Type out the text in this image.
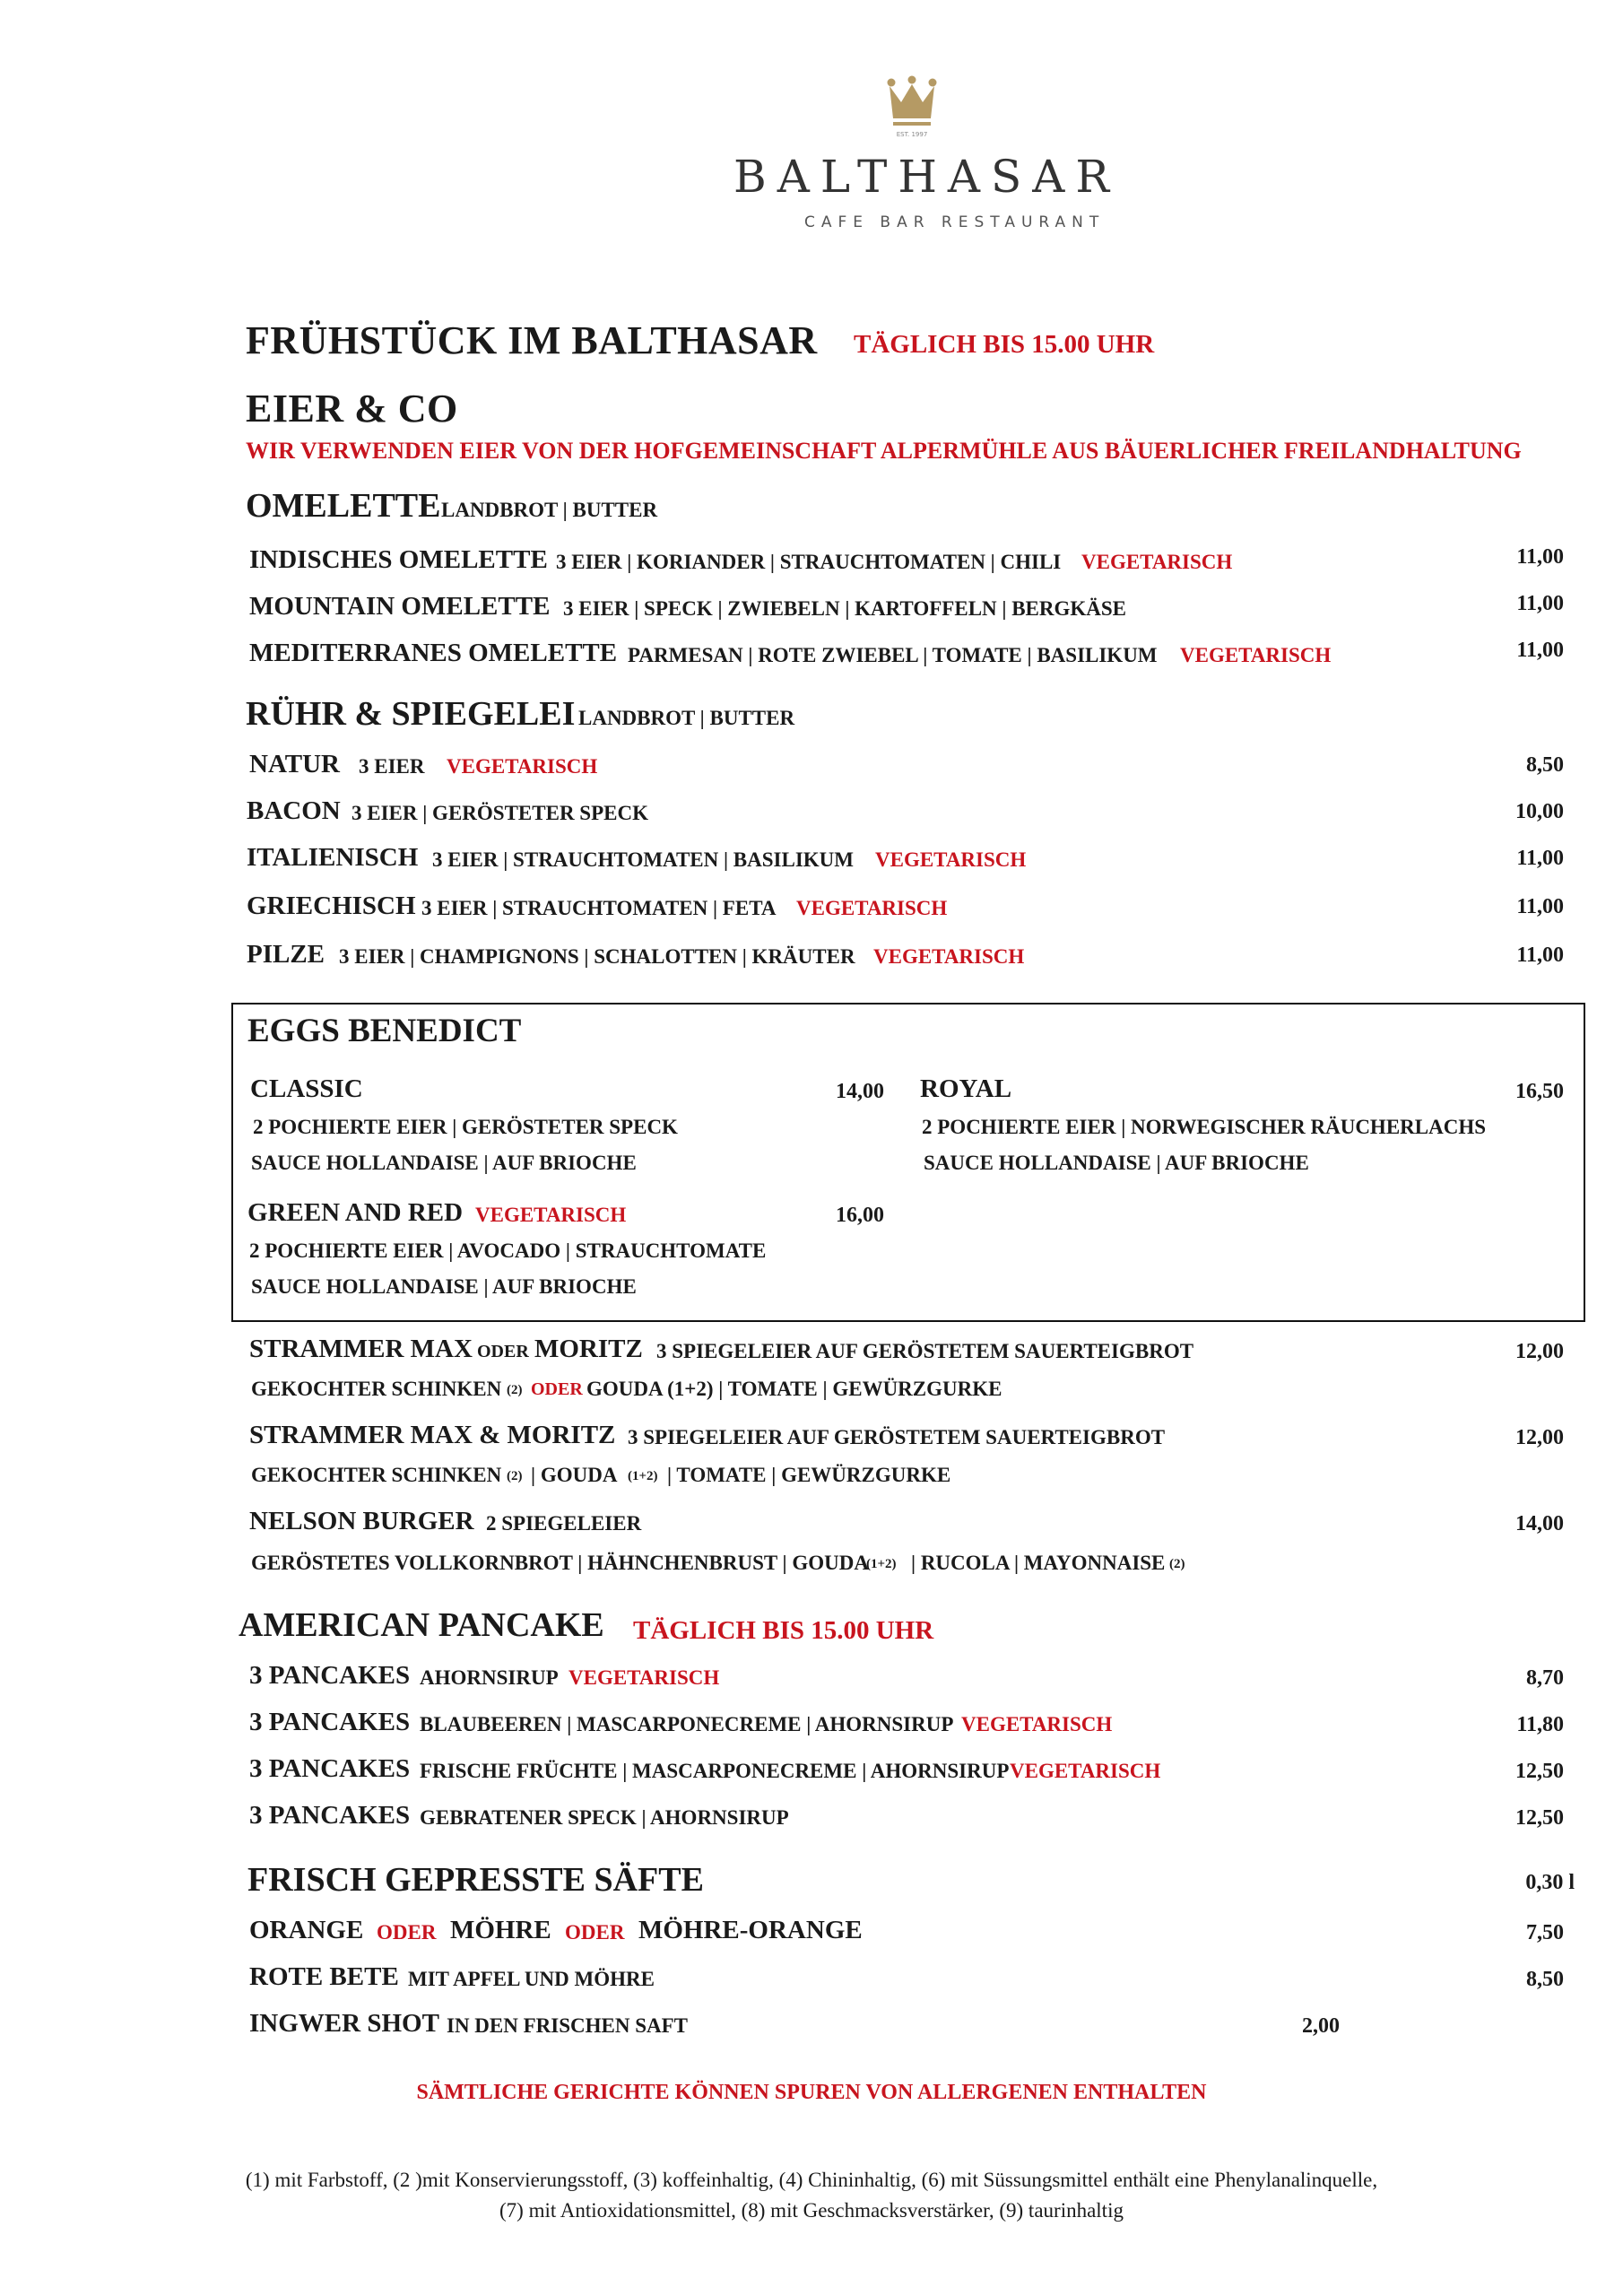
EST. 1997
BALTHASAR
CAFE BAR RESTAURANT
FRÜHSTÜCK IM BALTHASAR TÄGLICH BIS 15.00 UHR
EIER & CO
WIR VERWENDEN EIER VON DER HOFGEMEINSCHAFT ALPERMÜHLE AUS BÄUERLICHER FREILANDHALTUNG
OMELETTE LANDBROT | BUTTER
INDISCHES OMELETTE 3 EIER | KORIANDER | STRAUCHTOMATEN | CHILI VEGETARISCH	11,00
MOUNTAIN OMELETTE 3 EIER | SPECK | ZWIEBELN | KARTOFFELN | BERGKÄSE	11,00
MEDITERRANES OMELETTE PARMESAN | ROTE ZWIEBEL | TOMATE | BASILIKUM VEGETARISCH	11,00
RÜHR & SPIEGELEI LANDBROT | BUTTER
NATUR 3 EIER VEGETARISCH	8,50
BACON 3 EIER | GERÖSTETER SPECK	10,00
ITALIENISCH 3 EIER | STRAUCHTOMATEN | BASILIKUM VEGETARISCH	11,00
GRIECHISCH 3 EIER | STRAUCHTOMATEN | FETA VEGETARISCH	11,00
PILZE 3 EIER | CHAMPIGNONS | SCHALOTTEN | KRÄUTER VEGETARISCH	11,00
EGGS BENEDICT
CLASSIC	14,00
2 POCHIERTE EIER | GERÖSTETER SPECK
SAUCE HOLLANDAISE | AUF BRIOCHE
ROYAL	16,50
2 POCHIERTE EIER | NORWEGISCHER RÄUCHERLACHS
SAUCE HOLLANDAISE | AUF BRIOCHE
GREEN AND RED VEGETARISCH	16,00
2 POCHIERTE EIER | AVOCADO | STRAUCHTOMATE
SAUCE HOLLANDAISE | AUF BRIOCHE
STRAMMER MAX ODER MORITZ 3 SPIEGELEIER AUF GERÖSTETEM SAUERTEIGBROT	12,00
GEKOCHTER SCHINKEN (2) ODER GOUDA (1+2) | TOMATE | GEWÜRZGURKE
STRAMMER MAX & MORITZ 3 SPIEGELEIER AUF GERÖSTETEM SAUERTEIGBROT	12,00
GEKOCHTER SCHINKEN (2) | GOUDA (1+2) | TOMATE | GEWÜRZGURKE
NELSON BURGER 2 SPIEGELEIER	14,00
GERÖSTETES VOLLKORNBROT | HÄHNCHENBRUST | GOUDA
(1+2) | RUCOLA | MAYONNAISE (2)
AMERICAN PANCAKE TÄGLICH BIS 15.00 UHR
3 PANCAKES AHORNSIRUP VEGETARISCH	8,70
3 PANCAKES BLAUBEEREN | MASCARPONECREME | AHORNSIRUP VEGETARISCH	11,80
3 PANCAKES FRISCHE FRÜCHTE | MASCARPONECREME | AHORNSIRUP VEGETARISCH	12,50
3 PANCAKES GEBRATENER SPECK | AHORNSIRUP	12,50
FRISCH GEPRESSTE SÄFTE	0,30 l
ORANGE ODER MÖHRE ODER MÖHRE-ORANGE	7,50
ROTE BETE MIT APFEL UND MÖHRE	8,50
INGWER SHOT IN DEN FRISCHEN SAFT	2,00
SÄMTLICHE GERICHTE KÖNNEN SPUREN VON ALLERGENEN ENTHALTEN
(1) mit Farbstoff, (2 )mit Konservierungsstoff, (3) koffeinhaltig, (4) Chininhaltig, (6) mit Süssungsmittel enthält eine Phenylanalinquelle,
(7) mit Antioxidationsmittel, (8) mit Geschmacksverstärker, (9) taurinhaltig
